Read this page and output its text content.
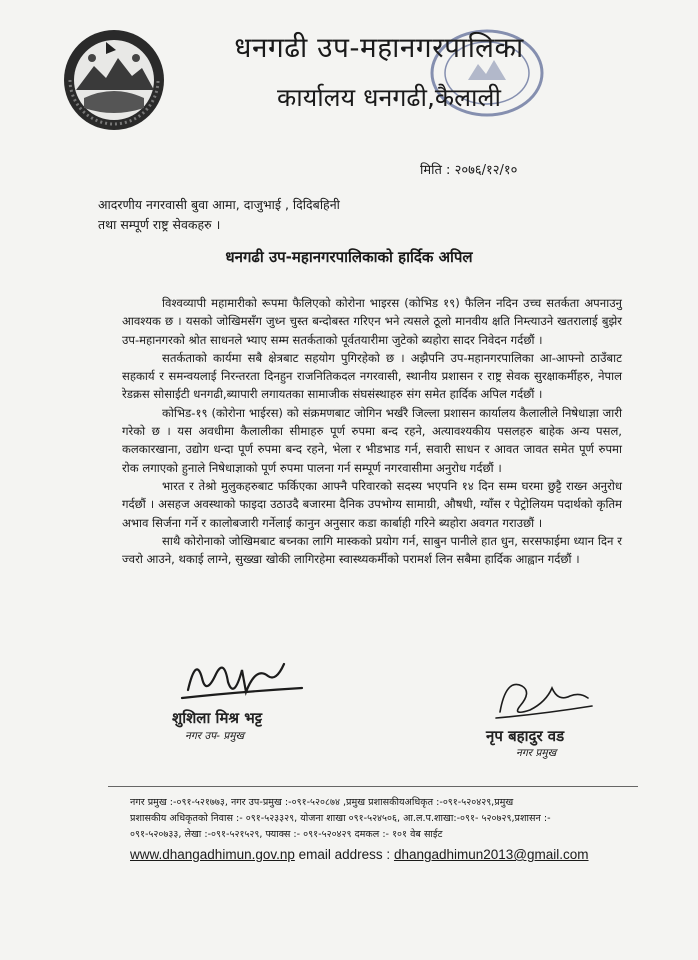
धनगढी उप-महानगरपालिका
कार्यालय धनगढी,कैलाली
मिति : २०७६/१२/१०
आदरणीय नगरवासी बुवा आमा, दाजुभाई , दिदिबहिनी
तथा सम्पूर्ण राष्ट्र सेवकहरु ।
धनगढी उप-महानगरपालिकाको हार्दिक अपिल

विश्वव्यापी महामारीको रूपमा फैलिएको कोरोना भाइरस (कोभिड १९) फैलिन नदिन उच्च सतर्कता अपनाउनु आवश्यक छ । यसको जोखिमसँग जुध्न चुस्त बन्दोबस्त गरिएन भने त्यसले ठूलो मानवीय क्षति निम्त्याउने खतरालाई बुझेर उप-महानगरको श्रोत साधनले भ्याए सम्म सतर्कताको पूर्वतयारीमा जुटेको ब्यहोरा सादर निवेदन गर्दछौं ।

सतर्कताको कार्यमा सबै क्षेत्रबाट सहयोग पुगिरहेको छ । अझैपनि उप-महानगरपालिका आ-आफ्नो ठाउँबाट सहकार्य र समन्वयलाई निरन्तरता दिनहुन राजनितिकदल नगरवासी, स्थानीय प्रशासन र राष्ट्र सेवक सुरक्षाकर्मीहरु, नेपाल रेडक्रस सोसाईटी धनगढी,ब्यापारी लगायतका सामाजीक संघसंस्थाहरु संग समेत हार्दिक अपिल गर्दछौं ।

कोभिड-१९ (कोरोना भाईरस) को संक्रमणबाट जोगिन भर्खरै जिल्ला प्रशासन कार्यालय कैलालीले निषेधाज्ञा जारी गरेको छ । यस अवधीमा कैलालीका सीमाहरु पूर्ण रुपमा बन्द रहने, अत्यावश्यकीय पसलहरु बाहेक अन्य पसल, कलकारखाना, उद्योग धन्दा पूर्ण रुपमा बन्द रहने, भेला र भीडभाड गर्न, सवारी साधन र आवत जावत समेत पूर्ण रुपमा रोक लगाएको हुनाले निषेधाज्ञाको पूर्ण रुपमा पालना गर्न सम्पूर्ण नगरवासीमा अनुरोध गर्दछौं ।

भारत र तेश्रो मुलुकहरुबाट फर्किएका आफ्नै परिवारको सदस्य भएपनि १४ दिन सम्म घरमा छुट्टै राख्न अनुरोध गर्दछौं । असहज अवस्थाको फाइदा उठाउदै बजारमा दैनिक उपभोग्य सामाग्री, औषधी, ग्याँस र पेट्रोलियम पदार्थको कृतिम अभाव सिर्जना गर्ने र कालोबजारी गर्नेलाई कानुन अनुसार कडा कार्बाही गरिने ब्यहोरा अवगत गराउछौं ।

साथै कोरोनाको जोखिमबाट बच्नका लागि मास्कको प्रयोग गर्न, साबुन पानीले हात धुन, सरसफाईमा ध्यान दिन र ज्वरो आउने, थकाई लाग्ने, सुख्खा खोकी लागिरहेमा स्वास्थ्यकर्मीको परामर्श लिन सबैमा हार्दिक आह्वान गर्दछौं ।

शुशिला मिश्र भट्ट
नगर उप- प्रमुख	नृप बहादुर वड
नगर प्रमुख
नगर प्रमुख :-०९१-५२१७७३, नगर उप-प्रमुख :-०९१-५२०८७४ ,प्रमुख प्रशासकीयअधिकृत :-०९१-५२०४२९,प्रमुख
प्रशासकीय अधिकृतको निवास :- ०९१-५२३३२९, योजना शाखा ०९१-५२४५०६, आ.ल.प.शाखा:-०९१- ५२०७२९,प्रशासन :-
०९१-५२०७३३, लेखा :-०९१-५२१५२९, फ्याक्स :- ०९१-५२०४२९ दमकल :- १०१ वेब साईट
www.dhangadhimun.gov.np email address : dhangadhimun2013@gmail.com
